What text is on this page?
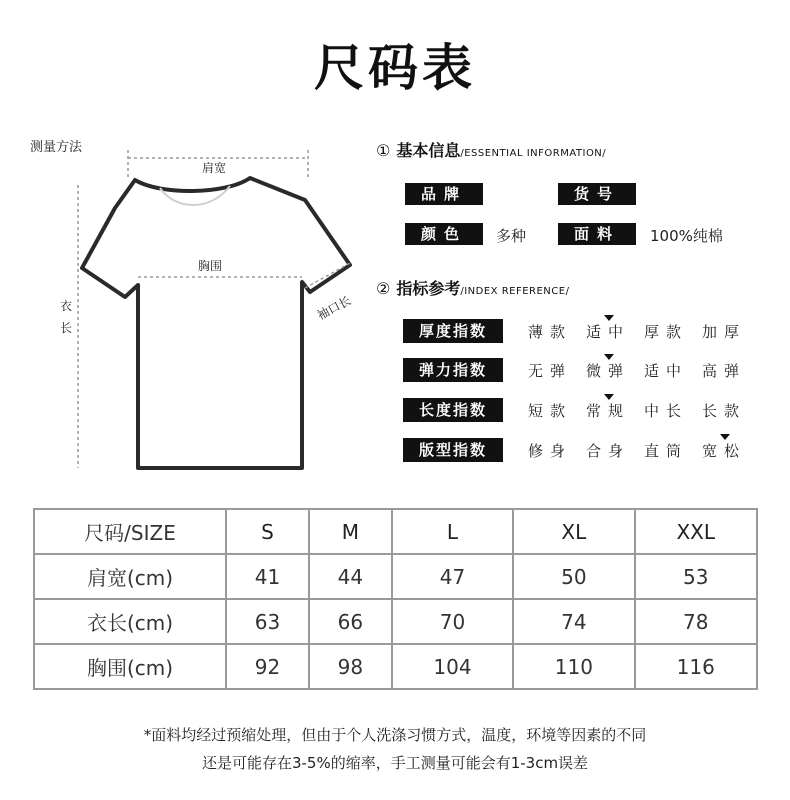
尺码表
测量方法
肩宽
胸围
衣
长
袖口长
① 基本信息/ESSENTIAL INFORMATION/
品牌	货号
颜色	多种	面料	100%纯棉
② 指标参考/INDEX REFERENCE/
厚度指数	薄款 适中 厚款 加厚
弹力指数	无弹 微弹 适中 高弹
长度指数	短款 常规 中长 长款
版型指数	修身 合身 直筒 宽松
尺码/SIZE	S	M	L	XL	XXL
肩宽(cm)	41	44	47	50	53
衣长(cm)	63	66	70	74	78
胸围(cm)	92	98	104	110	116
*面料均经过预缩处理，但由于个人洗涤习惯方式，温度，环境等因素的不同
还是可能存在3-5%的缩率，手工测量可能会有1-3cm误差
